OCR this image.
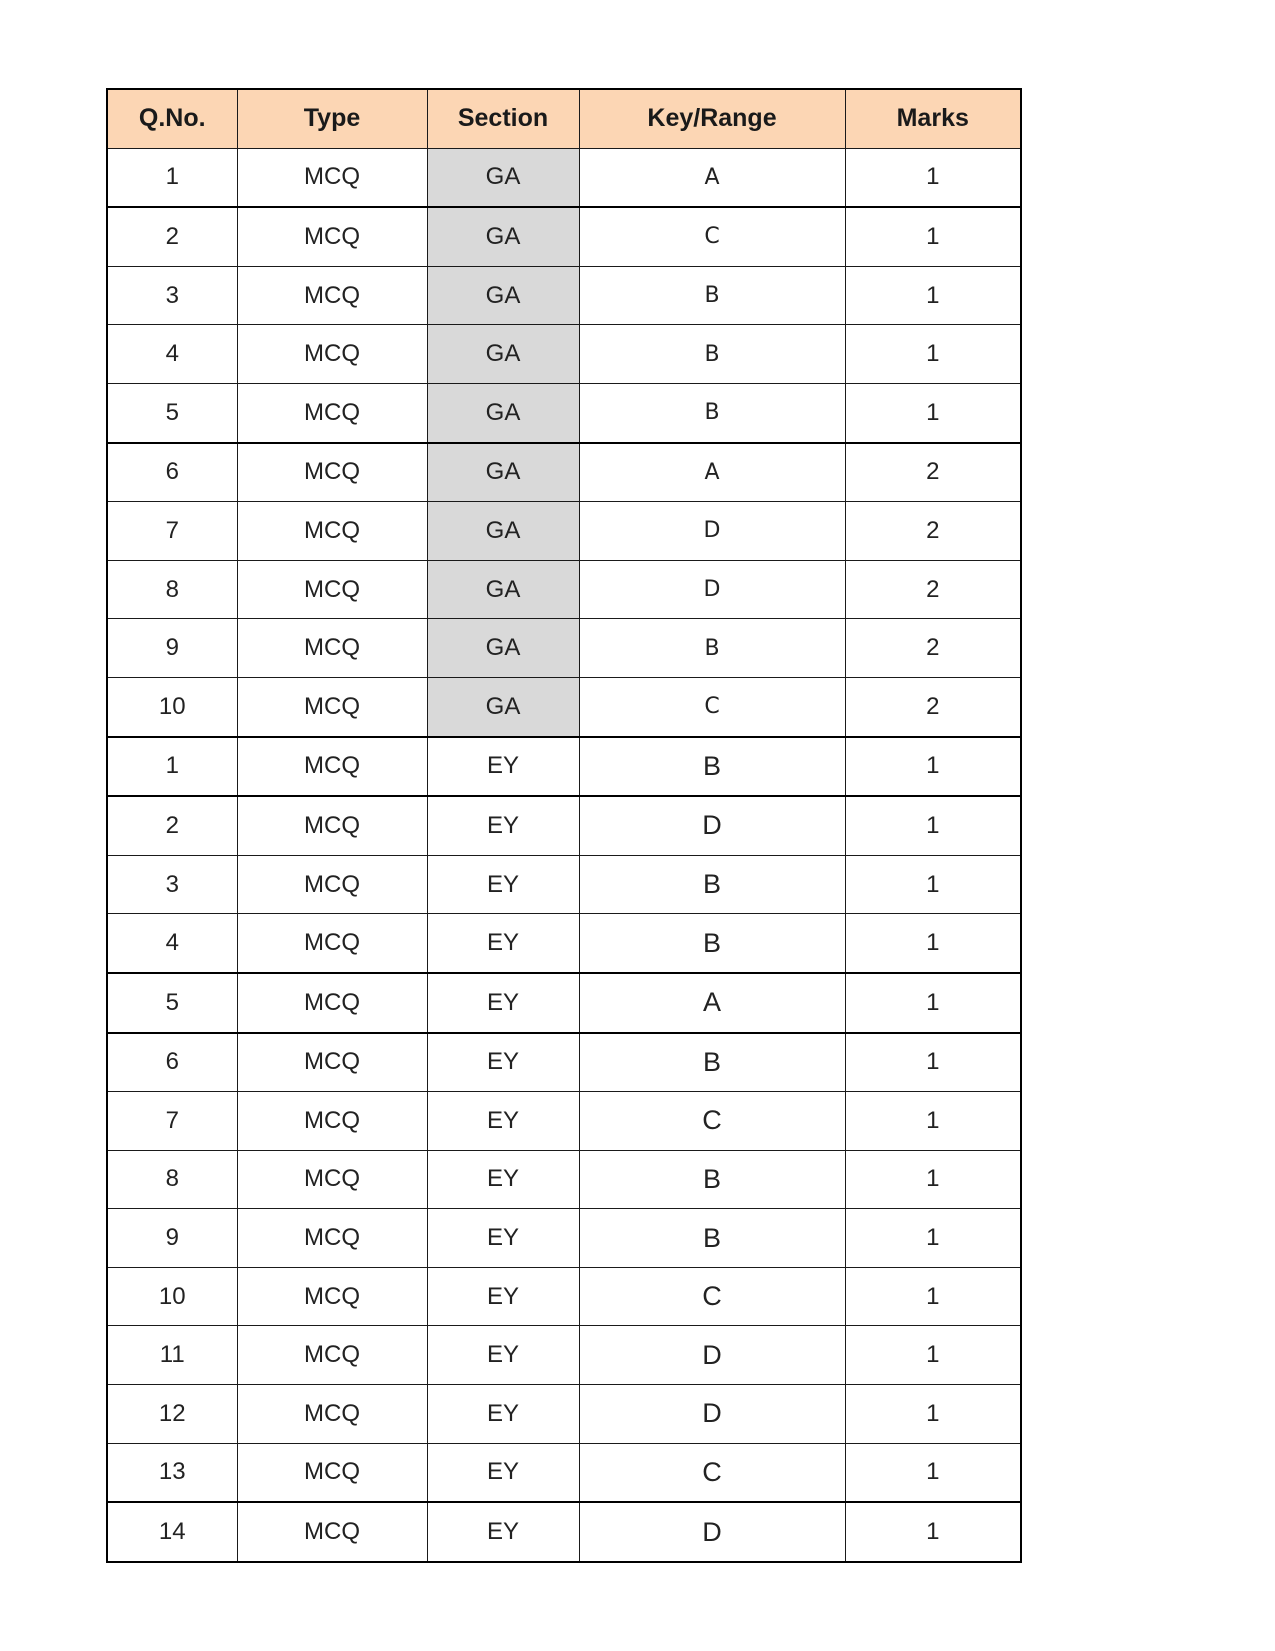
Q.No.	Type	Section	Key/Range	Marks
1	MCQ	GA	A	1
2	MCQ	GA	C	1
3	MCQ	GA	B	1
4	MCQ	GA	B	1
5	MCQ	GA	B	1
6	MCQ	GA	A	2
7	MCQ	GA	D	2
8	MCQ	GA	D	2
9	MCQ	GA	B	2
10	MCQ	GA	C	2
1	MCQ	EY	B	1
2	MCQ	EY	D	1
3	MCQ	EY	B	1
4	MCQ	EY	B	1
5	MCQ	EY	A	1
6	MCQ	EY	B	1
7	MCQ	EY	C	1
8	MCQ	EY	B	1
9	MCQ	EY	B	1
10	MCQ	EY	C	1
11	MCQ	EY	D	1
12	MCQ	EY	D	1
13	MCQ	EY	C	1
14	MCQ	EY	D	1
